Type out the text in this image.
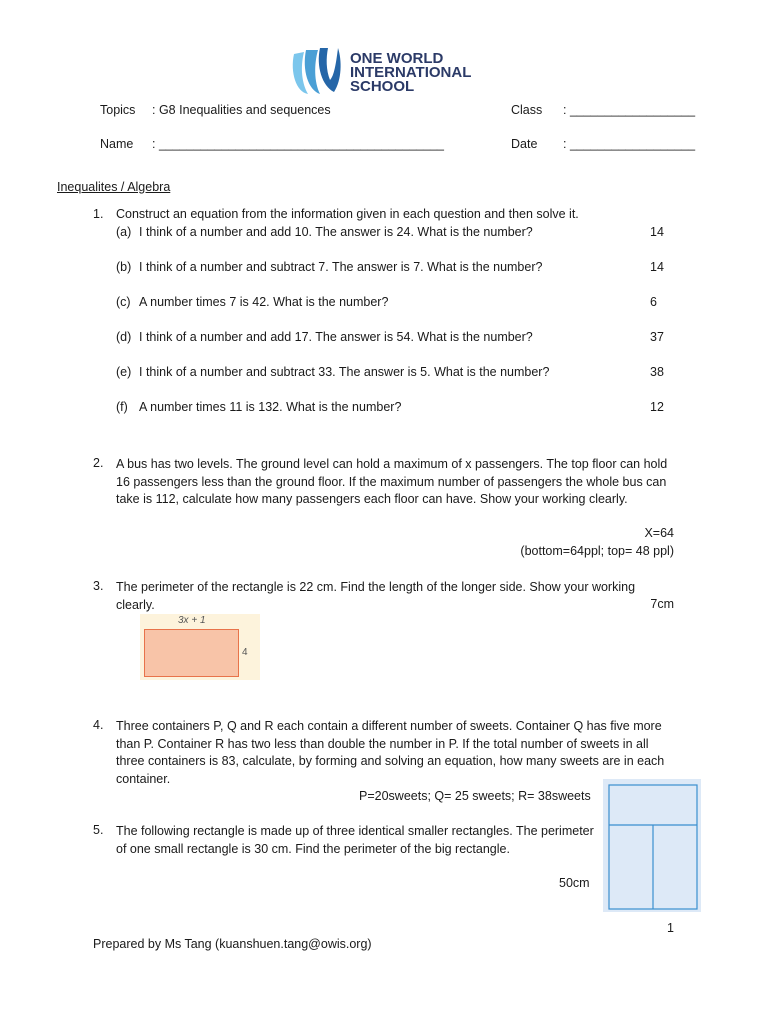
ONE WORLD
INTERNATIONAL
SCHOOL
Topics : G8 Inequalities and sequences	Class : __________________
Name : _________________________________________	Date : __________________
Inequalites / Algebra
1. Construct an equation from the information given in each question and then solve it.
(a) I think of a number and add 10. The answer is 24. What is the number?	14
(b) I think of a number and subtract 7. The answer is 7. What is the number?	14
(c) A number times 7 is 42. What is the number?	6
(d) I think of a number and add 17. The answer is 54. What is the number?	37
(e) I think of a number and subtract 33. The answer is 5. What is the number?	38
(f) A number times 11 is 132. What is the number?	12
2. A bus has two levels. The ground level can hold a maximum of x passengers. The top floor can hold 16 passengers less than the ground floor. If the maximum number of passengers the whole bus can take is 112, calculate how many passengers each floor can have. Show your working clearly.
X=64
(bottom=64ppl; top= 48 ppl)
3. The perimeter of the rectangle is 22 cm. Find the length of the longer side. Show your working clearly.	7cm
3x + 1
4
4. Three containers P, Q and R each contain a different number of sweets. Container Q has five more than P. Container R has two less than double the number in P. If the total number of sweets in all three containers is 83, calculate, by forming and solving an equation, how many sweets are in each container.
P=20sweets; Q= 25 sweets; R= 38sweets
5. The following rectangle is made up of three identical smaller rectangles. The perimeter of one small rectangle is 30 cm. Find the perimeter of the big rectangle.
50cm
1
Prepared by Ms Tang (kuanshuen.tang@owis.org)
